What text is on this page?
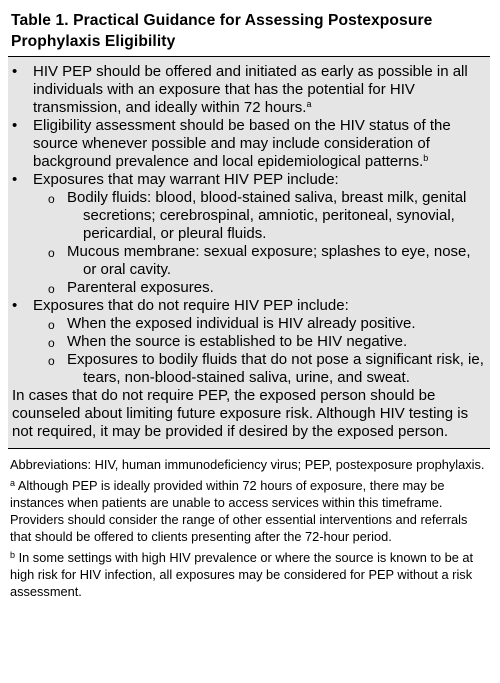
Table 1. Practical Guidance for Assessing Postexposure Prophylaxis Eligibility
•	HIV PEP should be offered and initiated as early as possible in all individuals with an exposure that has the potential for HIV transmission, and ideally within 72 hours.$^a$
•	Eligibility assessment should be based on the HIV status of the source whenever possible and may include consideration of background prevalence and local epidemiological patterns.$^b$
•	Exposures that may warrant HIV PEP include:
o Bodily fluids: blood, blood-stained saliva, breast milk, genital secretions; cerebrospinal, amniotic, peritoneal, synovial, pericardial, or pleural fluids.
o Mucous membrane: sexual exposure; splashes to eye, nose, or oral cavity.
o Parenteral exposures.
•	Exposures that do not require HIV PEP include:
o When the exposed individual is HIV already positive.
o When the source is established to be HIV negative.
o Exposures to bodily fluids that do not pose a significant risk, ie, tears, non-blood-stained saliva, urine, and sweat.
In cases that do not require PEP, the exposed person should be counseled about limiting future exposure risk. Although HIV testing is not required, it may be provided if desired by the exposed person.

Abbreviations: HIV, human immunodeficiency virus; PEP, postexposure prophylaxis.

$^a$ Although PEP is ideally provided within 72 hours of exposure, there may be instances when patients are unable to access services within this timeframe. Providers should consider the range of other essential interventions and referrals that should be offered to clients presenting after the 72-hour period.

$^b$ In some settings with high HIV prevalence or where the source is known to be at high risk for HIV infection, all exposures may be considered for PEP without a risk assessment.
